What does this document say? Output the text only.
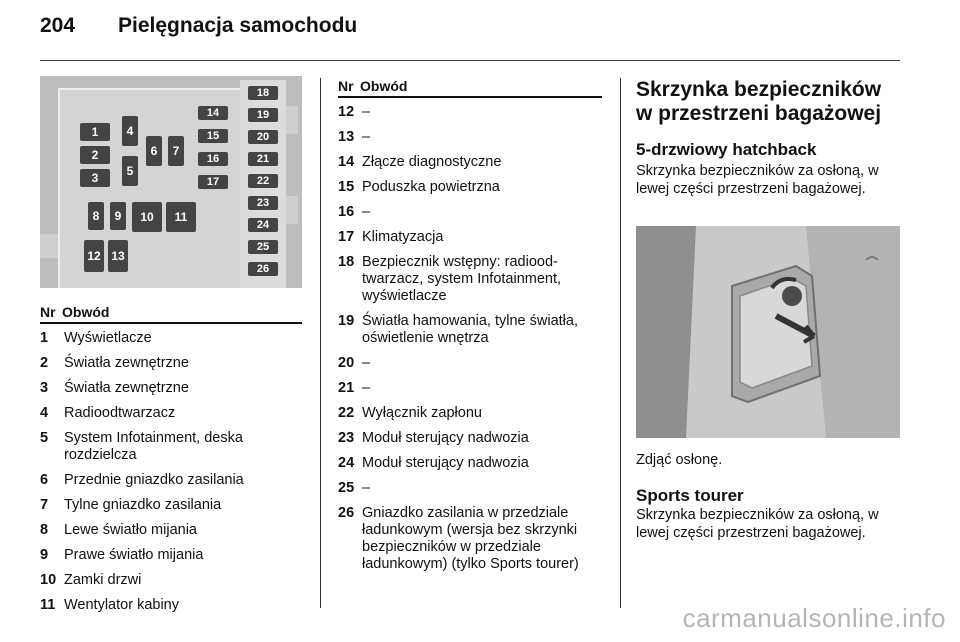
204 Pielęgnacja samochodu
1
2
3
4
5
6 7
8 9 10 11
12 13
14
15
16
17
18
19
20
21
22
23
24
25
26
Nr Obwód
1 Wyświetlacze
2 Światła zewnętrzne
3 Światła zewnętrzne
4 Radioodtwarzacz
5 System Infotainment, deska rozdzielcza
6 Przednie gniazdko zasilania
7 Tylne gniazdko zasilania
8 Lewe światło mijania
9 Prawe światło mijania
10 Zamki drzwi
11 Wentylator kabiny
Nr Obwód
12 –
13 –
14 Złącze diagnostyczne
15 Poduszka powietrzna
16 –
17 Klimatyzacja
18 Bezpiecznik wstępny: radioodtwarzacz, system Infotainment, wyświetlacze
19 Światła hamowania, tylne światła, oświetlenie wnętrza
20 –
21 –
22 Wyłącznik zapłonu
23 Moduł sterujący nadwozia
24 Moduł sterujący nadwozia
25 –
26 Gniazdko zasilania w przedziale ładunkowym (wersja bez skrzynki bezpieczników w przedziale ładunkowym) (tylko Sports tourer)
Skrzynka bezpieczników w przestrzeni bagażowej
5-drzwiowy hatchback
Skrzynka bezpieczników za osłoną, w lewej części przestrzeni bagażowej.
Zdjąć osłonę.
Sports tourer
Skrzynka bezpieczników za osłoną, w lewej części przestrzeni bagażowej.
carmanualsonline.info
